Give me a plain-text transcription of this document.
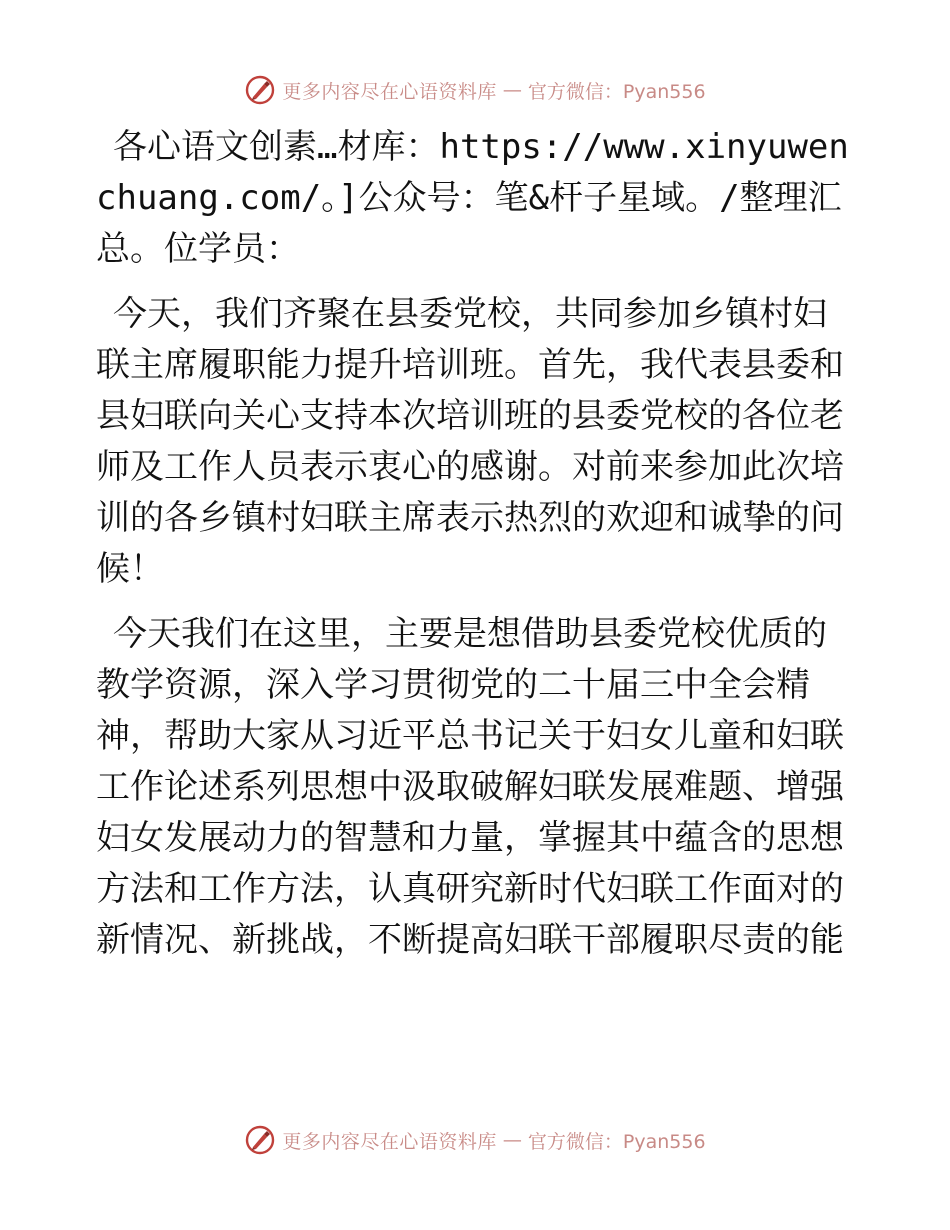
更多内容尽在心语资料库 — 官方微信：Pyan556

各心语文创素…材库：https://www.xinyuwenchuang.com/。]公众号：笔&杆子星域。/整理汇总。位学员：

今天，我们齐聚在县委党校，共同参加乡镇村妇联主席履职能力提升培训班。首先，我代表县委和县妇联向关心支持本次培训班的县委党校的各位老师及工作人员表示衷心的感谢。对前来参加此次培训的各乡镇村妇联主席表示热烈的欢迎和诚挚的问候！

今天我们在这里，主要是想借助县委党校优质的教学资源，深入学习贯彻党的二十届三中全会精神，帮助大家从习近平总书记关于妇女儿童和妇联工作论述系列思想中汲取破解妇联发展难题、增强妇女发展动力的智慧和力量，掌握其中蕴含的思想方法和工作方法，认真研究新时代妇联工作面对的新情况、新挑战，不断提高妇联干部履职尽责的能

更多内容尽在心语资料库 — 官方微信：Pyan556
